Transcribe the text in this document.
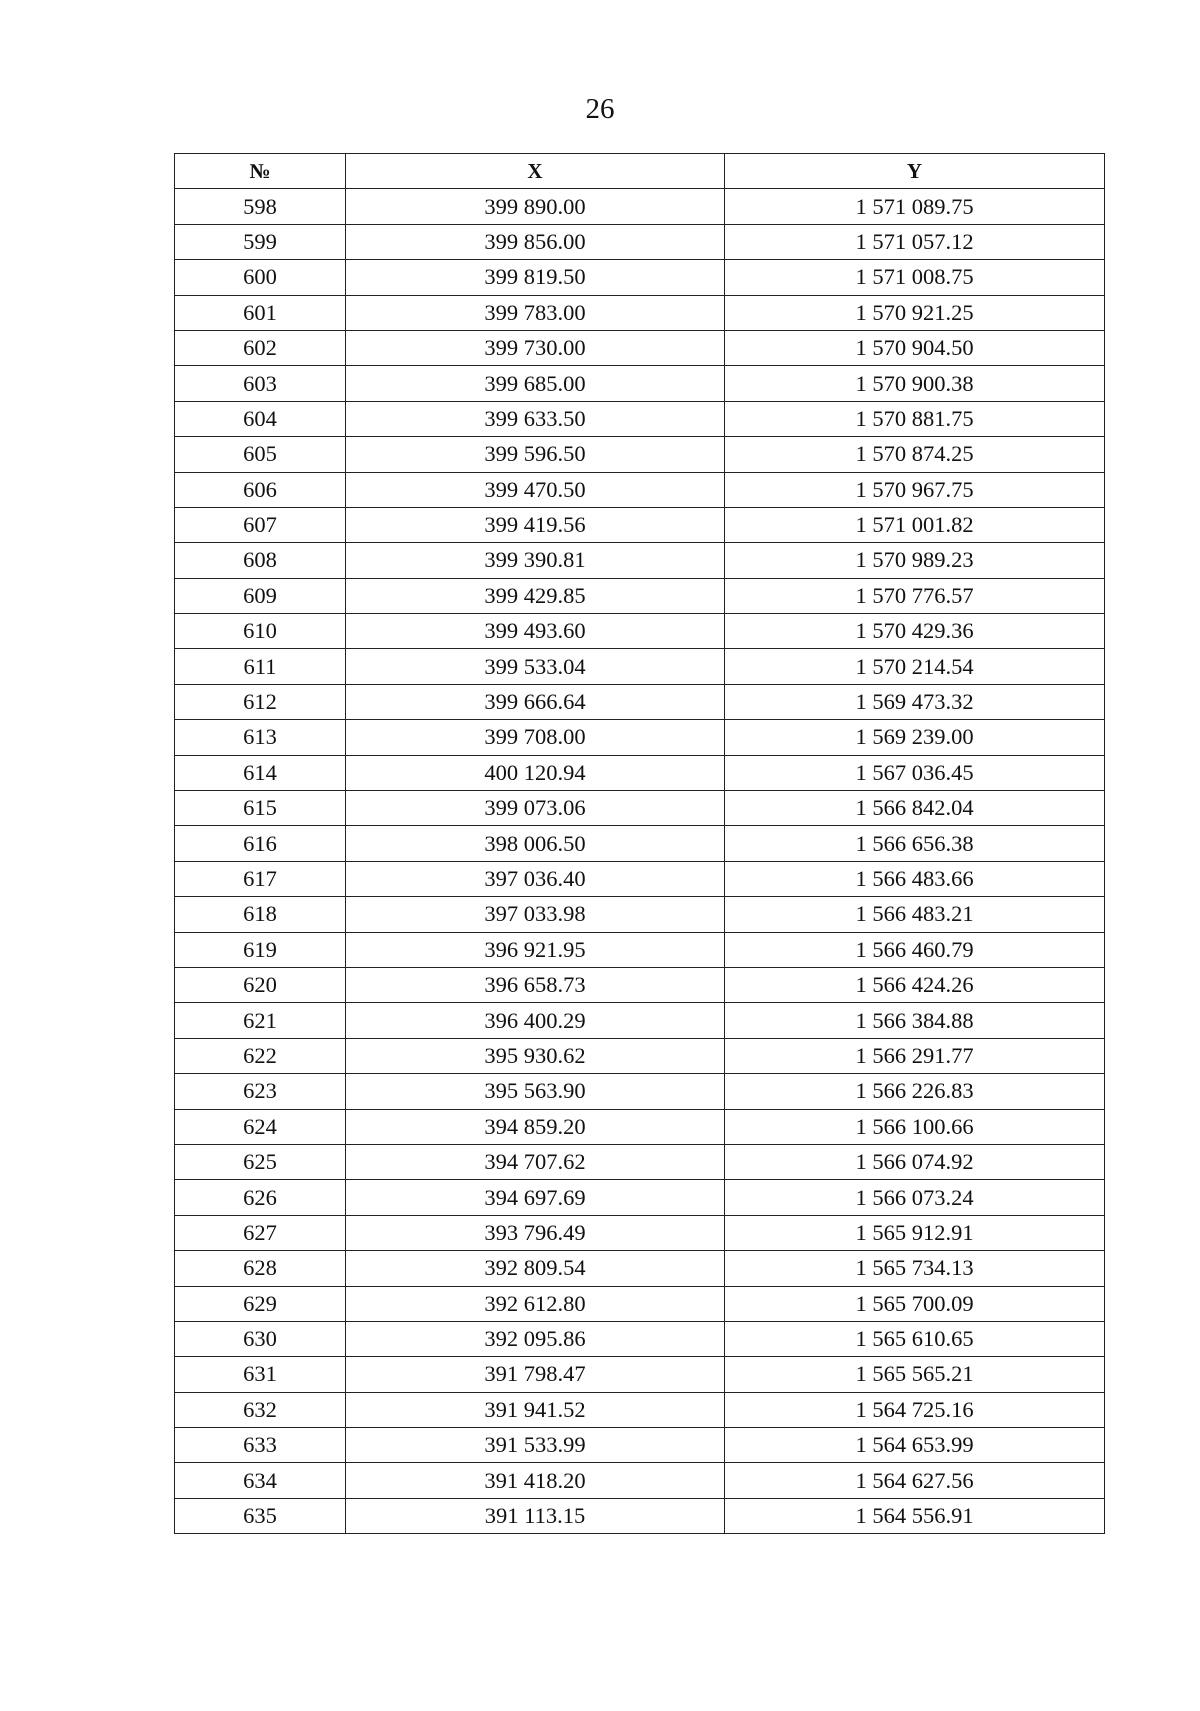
26
№	X	Y
598	399 890.00	1 571 089.75
599	399 856.00	1 571 057.12
600	399 819.50	1 571 008.75
601	399 783.00	1 570 921.25
602	399 730.00	1 570 904.50
603	399 685.00	1 570 900.38
604	399 633.50	1 570 881.75
605	399 596.50	1 570 874.25
606	399 470.50	1 570 967.75
607	399 419.56	1 571 001.82
608	399 390.81	1 570 989.23
609	399 429.85	1 570 776.57
610	399 493.60	1 570 429.36
611	399 533.04	1 570 214.54
612	399 666.64	1 569 473.32
613	399 708.00	1 569 239.00
614	400 120.94	1 567 036.45
615	399 073.06	1 566 842.04
616	398 006.50	1 566 656.38
617	397 036.40	1 566 483.66
618	397 033.98	1 566 483.21
619	396 921.95	1 566 460.79
620	396 658.73	1 566 424.26
621	396 400.29	1 566 384.88
622	395 930.62	1 566 291.77
623	395 563.90	1 566 226.83
624	394 859.20	1 566 100.66
625	394 707.62	1 566 074.92
626	394 697.69	1 566 073.24
627	393 796.49	1 565 912.91
628	392 809.54	1 565 734.13
629	392 612.80	1 565 700.09
630	392 095.86	1 565 610.65
631	391 798.47	1 565 565.21
632	391 941.52	1 564 725.16
633	391 533.99	1 564 653.99
634	391 418.20	1 564 627.56
635	391 113.15	1 564 556.91
